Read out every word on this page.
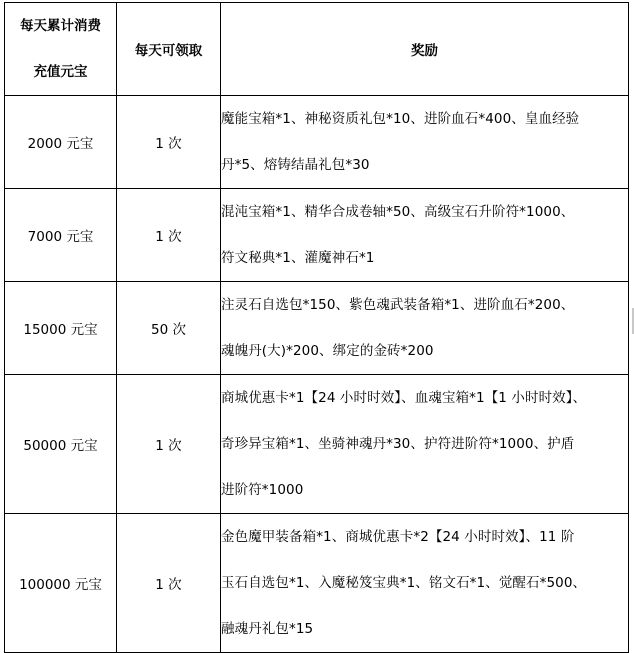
每天累计消费
充值元宝	每天可领取	奖励
2000 元宝	1 次	魔能宝箱*1、神秘资质礼包*10、进阶血石*400、皇血经验
丹*5、熔铸结晶礼包*30

7000 元宝	1 次	混沌宝箱*1、精华合成卷轴*50、高级宝石升阶符*1000、
符文秘典*1、灌魔神石*1

15000 元宝	50 次	注灵石自选包*150、紫色魂武装备箱*1、进阶血石*200、
魂魄丹(大)*200、绑定的金砖*200

50000 元宝	1 次	商城优惠卡*1【24 小时时效】、血魂宝箱*1【1 小时时效】、
奇珍异宝箱*1、坐骑神魂丹*30、护符进阶符*1000、护盾
进阶符*1000

100000 元宝	1 次	金色魔甲装备箱*1、商城优惠卡*2【24 小时时效】、11 阶
玉石自选包*1、入魔秘笈宝典*1、铭文石*1、觉醒石*500、
融魂丹礼包*15
